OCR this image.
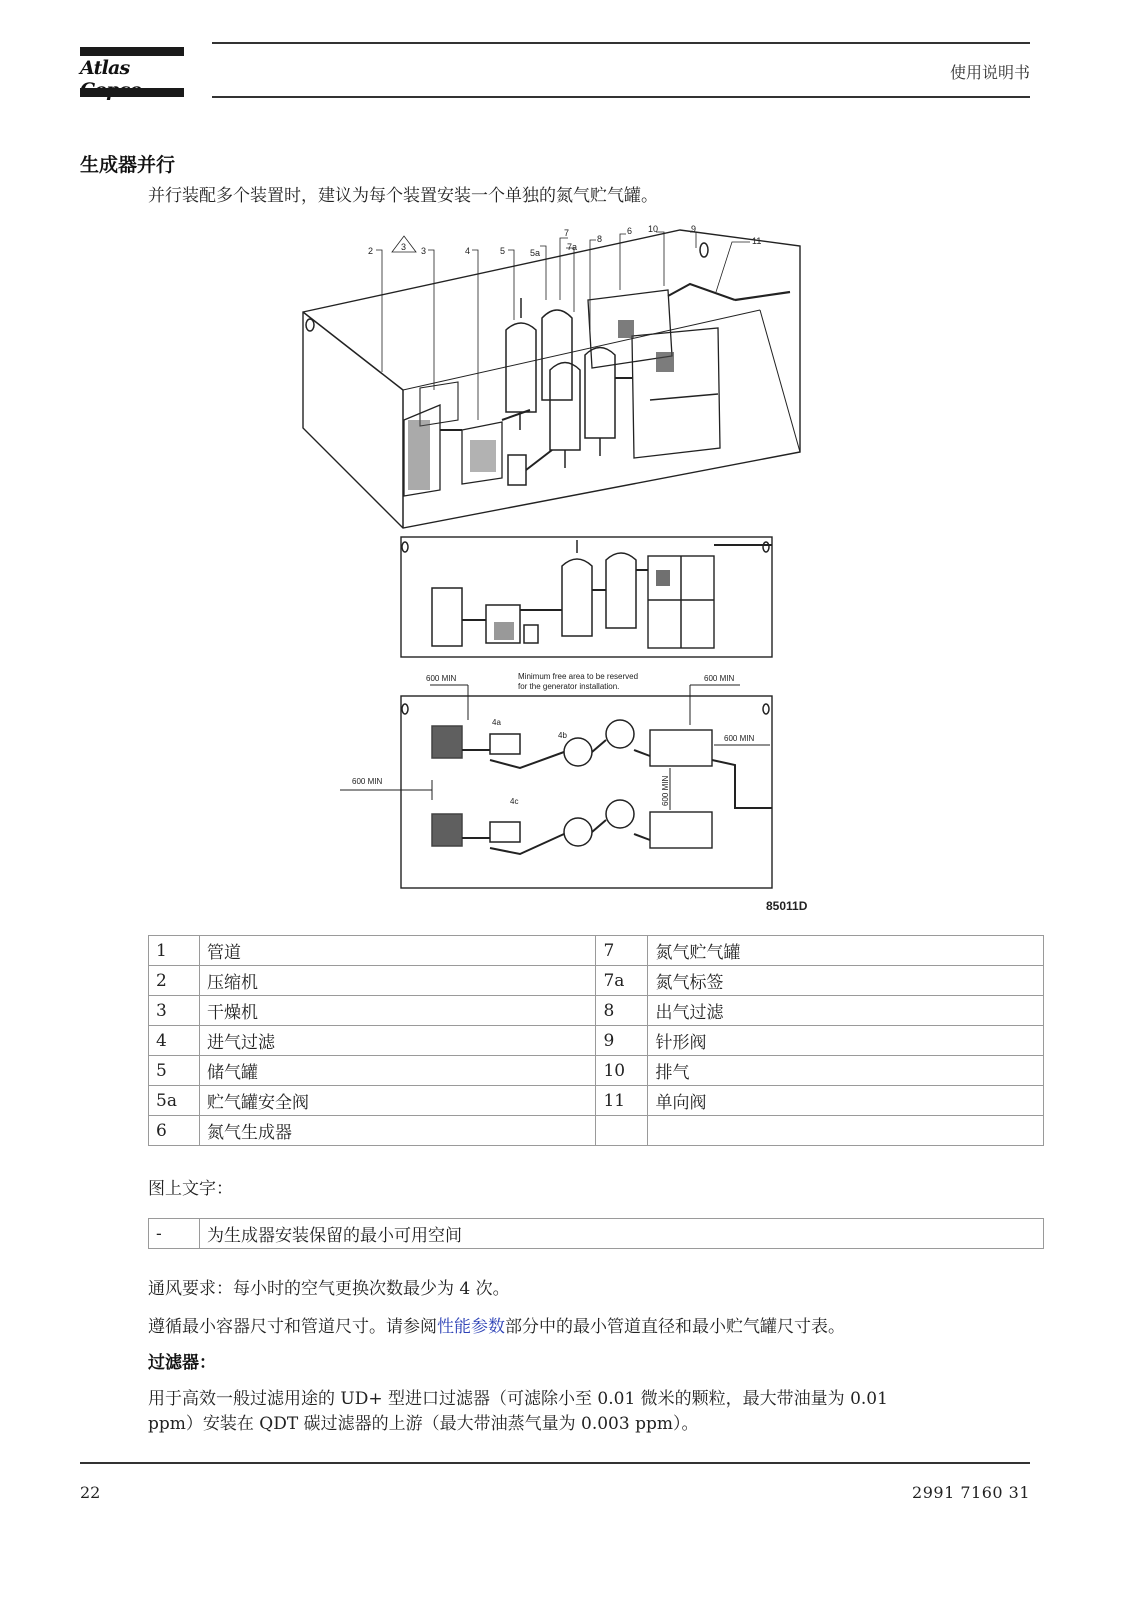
Atlas	使用说明书
生成器并行
并行装配多个装置时，建议为每个装置安装一个单独的氮气贮气罐。
2	3 3	4	5	5a
7
7a
8
6 10	9
11
600 MIN	Minimum free area to be reserved
for the generator installation.
600 MIN
600 MIN
600 MIN
600 MIN
4a
4b
4c
85011D
1	管道	7	氮气贮气罐
2	压缩机	7a	氮气标签
3	干燥机	8	出气过滤
4	进气过滤	9	针形阀
5	储气罐	10	排气
5a	贮气罐安全阀	11	单向阀
6	氮气生成器		
图上文字：
-	为生成器安装保留的最小可用空间
通风要求：每小时的空气更换次数最少为 4 次。
遵循最小容器尺寸和管道尺寸。请参阅性能参数部分中的最小管道直径和最小贮气罐尺寸表。
过滤器：
用于高效一般过滤用途的 UD+ 型进口过滤器（可滤除小至 0.01 微米的颗粒，最大带油量为 0.01
ppm）安装在 QDT 碳过滤器的上游（最大带油蒸气量为 0.003 ppm）。
22	2991 7160 31
